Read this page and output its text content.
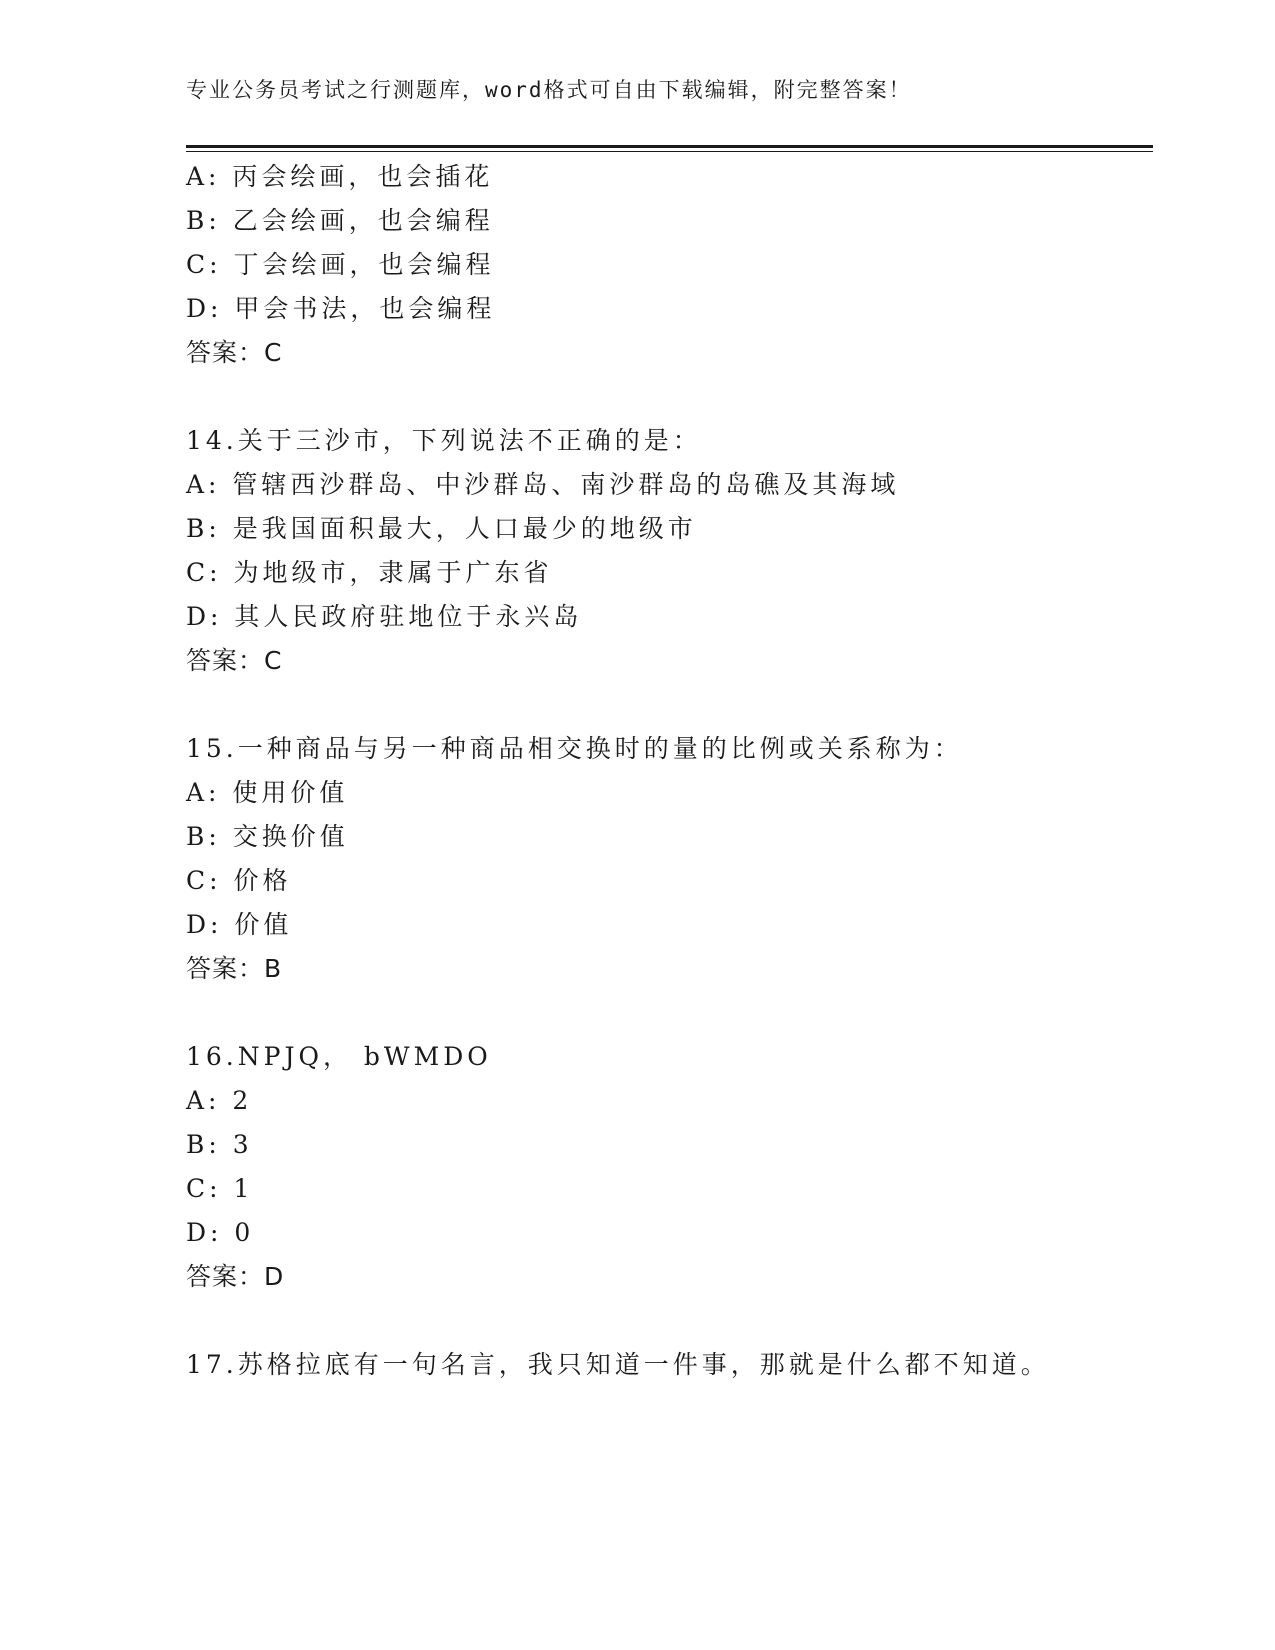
专业公务员考试之行测题库，word格式可自由下载编辑，附完整答案！
A: 丙会绘画，也会插花
B: 乙会绘画，也会编程
C: 丁会绘画，也会编程
D: 甲会书法，也会编程
答案：C
14.关于三沙市，下列说法不正确的是：
A: 管辖西沙群岛、中沙群岛、南沙群岛的岛礁及其海域
B: 是我国面积最大，人口最少的地级市
C: 为地级市，隶属于广东省
D: 其人民政府驻地位于永兴岛
答案：C
15.一种商品与另一种商品相交换时的量的比例或关系称为：
A: 使用价值
B: 交换价值
C: 价格
D: 价值
答案：B
16.NPJQ， bWMDO
A: 2
B: 3
C: 1
D: 0
答案：D
17.苏格拉底有一句名言，我只知道一件事，那就是什么都不知道。
